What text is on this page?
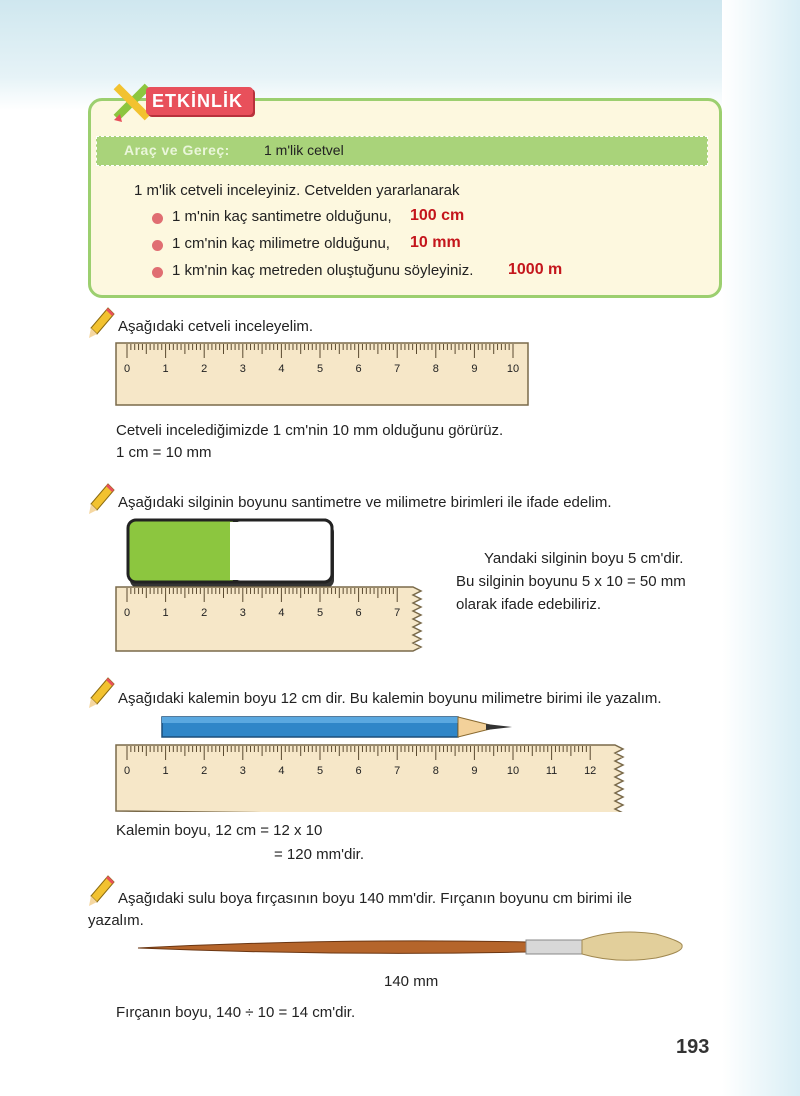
Araç ve Gereç: 1 m'lik cetvel
ETKİNLİK
1 m'lik cetveli inceleyiniz. Cetvelden yararlanarak
1 m'nin kaç santimetre olduğunu, 100 cm
1 cm'nin kaç milimetre olduğunu, 10 mm
1 km'nin kaç metreden oluştuğunu söyleyiniz. 1000 m
Aşağıdaki cetveli inceleyelim.
0	1	2	3	4	5	6	7	8	9	10
Cetveli incelediğimizde 1 cm'nin 10 mm olduğunu görürüz.
1 cm = 10 mm
Aşağıdaki silginin boyunu santimetre ve milimetre birimleri ile ifade edelim.
0	1	2	3	4	5	6	7
Yandaki silginin boyu 5 cm'dir.
Bu silginin boyunu 5 x 10 = 50 mm
olarak ifade edebiliriz.
Aşağıdaki kalemin boyu 12 cm dir. Bu kalemin boyunu milimetre birimi ile yazalım.
0	1	2	3	4	5	6	7	8	9	10 11 12
Kalemin boyu, 12 cm = 12 x 10
= 120 mm'dir.
Aşağıdaki sulu boya fırçasının boyu 140 mm'dir. Fırçanın boyunu cm birimi ile
yazalım.
140 mm
Fırçanın boyu, 140 ÷ 10 = 14 cm'dir.
193
